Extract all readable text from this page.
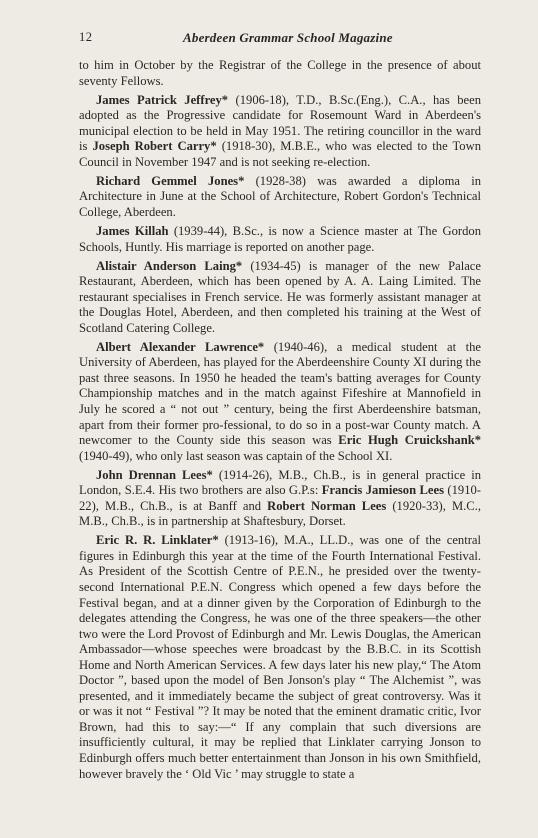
12	Aberdeen Grammar School Magazine

to him in October by the Registrar of the College in the presence of about seventy Fellows.

James Patrick Jeffrey* (1906-18), T.D., B.Sc.(Eng.), C.A., has been adopted as the Progressive candidate for Rosemount Ward in Aberdeen's municipal election to be held in May 1951. The retiring councillor in the ward is Joseph Robert Carry* (1918-30), M.B.E., who was elected to the Town Council in November 1947 and is not seeking re-election.

Richard Gemmel Jones* (1928-38) was awarded a diploma in Architecture in June at the School of Architecture, Robert Gordon's Technical College, Aberdeen.

James Killah (1939-44), B.Sc., is now a Science master at The Gordon Schools, Huntly. His marriage is reported on another page.

Alistair Anderson Laing* (1934-45) is manager of the new Palace Restaurant, Aberdeen, which has been opened by A. A. Laing Limited. The restaurant specialises in French service. He was formerly assistant manager at the Douglas Hotel, Aberdeen, and then completed his training at the West of Scotland Catering College.

Albert Alexander Lawrence* (1940-46), a medical student at the University of Aberdeen, has played for the Aberdeenshire County XI during the past three seasons. In 1950 he headed the team's batting averages for County Championship matches and in the match against Fifeshire at Mannofield in July he scored a “ not out ” century, being the first Aberdeenshire batsman, apart from their former pro-fessional, to do so in a post-war County match. A newcomer to the County side this season was Eric Hugh Cruickshank* (1940-49), who only last season was captain of the School XI.

John Drennan Lees* (1914-26), M.B., Ch.B., is in general practice in London, S.E.4. His two brothers are also G.P.s: Francis Jamieson Lees (1910-22), M.B., Ch.B., is at Banff and Robert Norman Lees (1920-33), M.C., M.B., Ch.B., is in partnership at Shaftesbury, Dorset.

Eric R. R. Linklater* (1913-16), M.A., LL.D., was one of the central figures in Edinburgh this year at the time of the Fourth International Festival. As President of the Scottish Centre of P.E.N., he presided over the twenty-second International P.E.N. Congress which opened a few days before the Festival began, and at a dinner given by the Corporation of Edinburgh to the delegates attending the Congress, he was one of the three speakers—the other two were the Lord Provost of Edinburgh and Mr. Lewis Douglas, the American Ambassador—whose speeches were broadcast by the B.B.C. in its Scottish Home and North American Services. A few days later his new play,“ The Atom Doctor ”, based upon the model of Ben Jonson's play “ The Alchemist ”, was presented, and it immediately became the subject of great controversy. Was it or was it not “ Festival ”? It may be noted that the eminent dramatic critic, Ivor Brown, had this to say:—“ If any complain that such diversions are insufficiently cultural, it may be replied that Linklater carrying Jonson to Edinburgh offers much better entertainment than Jonson in his own Smithfield, however bravely the ‘ Old Vic ’ may struggle to state a
